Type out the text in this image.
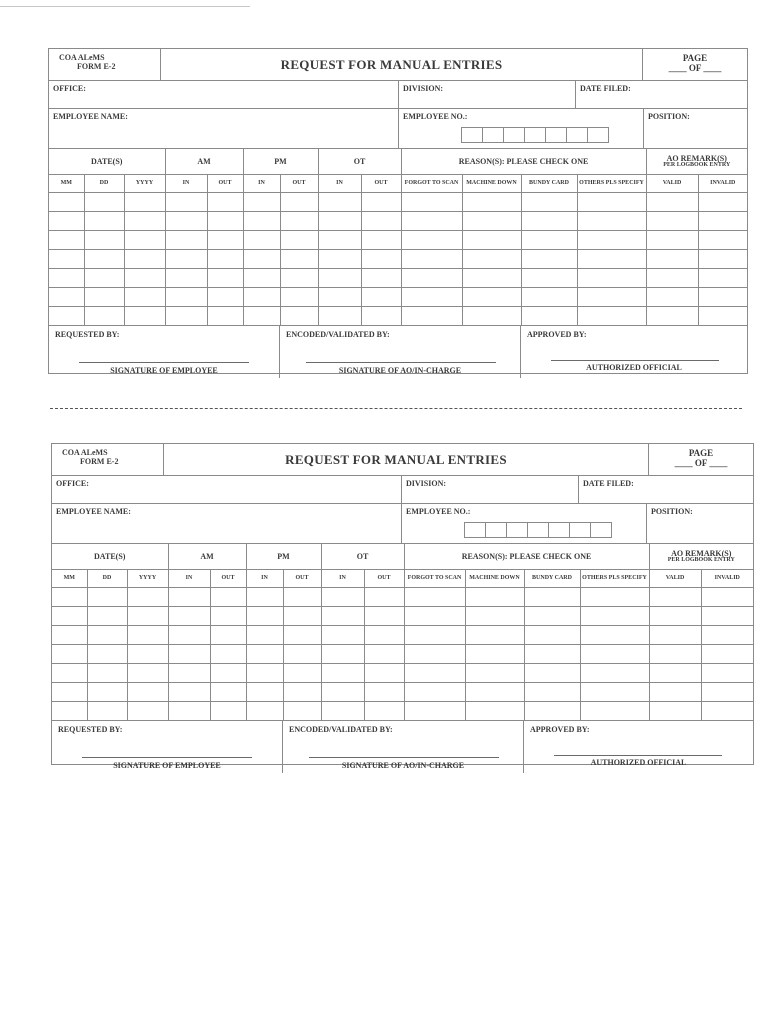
COA ALeMS
FORM E-2	REQUEST FOR MANUAL ENTRIES	PAGE
____ OF ____
OFFICE:	DIVISION:	DATE FILED:
EMPLOYEE NAME:	EMPLOYEE NO.:	POSITION:
DATE(S)			AM		PM		OT		REASON(S): PLEASE CHECK ONE				AO REMARK(S)
PER LOGBOOK ENTRY	

MM	DD	YYYY	IN	OUT	IN	OUT	IN	OUT	FORGOT TO SCAN	MACHINE DOWN	BUNDY CARD	OTHERS PLS SPECIFY	VALID	INVALID

REQUESTED BY:
SIGNATURE OF EMPLOYEE
ENCODED/VALIDATED BY:
SIGNATURE OF AO/IN-CHARGE
APPROVED BY:
AUTHORIZED OFFICIAL
COA ALeMS
FORM E-2	REQUEST FOR MANUAL ENTRIES	PAGE
____ OF ____
OFFICE:	DIVISION:	DATE FILED:
EMPLOYEE NAME:	EMPLOYEE NO.:	POSITION:
DATE(S)			AM		PM		OT		REASON(S): PLEASE CHECK ONE				AO REMARK(S)
PER LOGBOOK ENTRY	

MM	DD	YYYY	IN	OUT	IN	OUT	IN	OUT	FORGOT TO SCAN	MACHINE DOWN	BUNDY CARD	OTHERS PLS SPECIFY	VALID	INVALID

REQUESTED BY:
SIGNATURE OF EMPLOYEE
ENCODED/VALIDATED BY:
SIGNATURE OF AO/IN-CHARGE
APPROVED BY:
AUTHORIZED OFFICIAL
